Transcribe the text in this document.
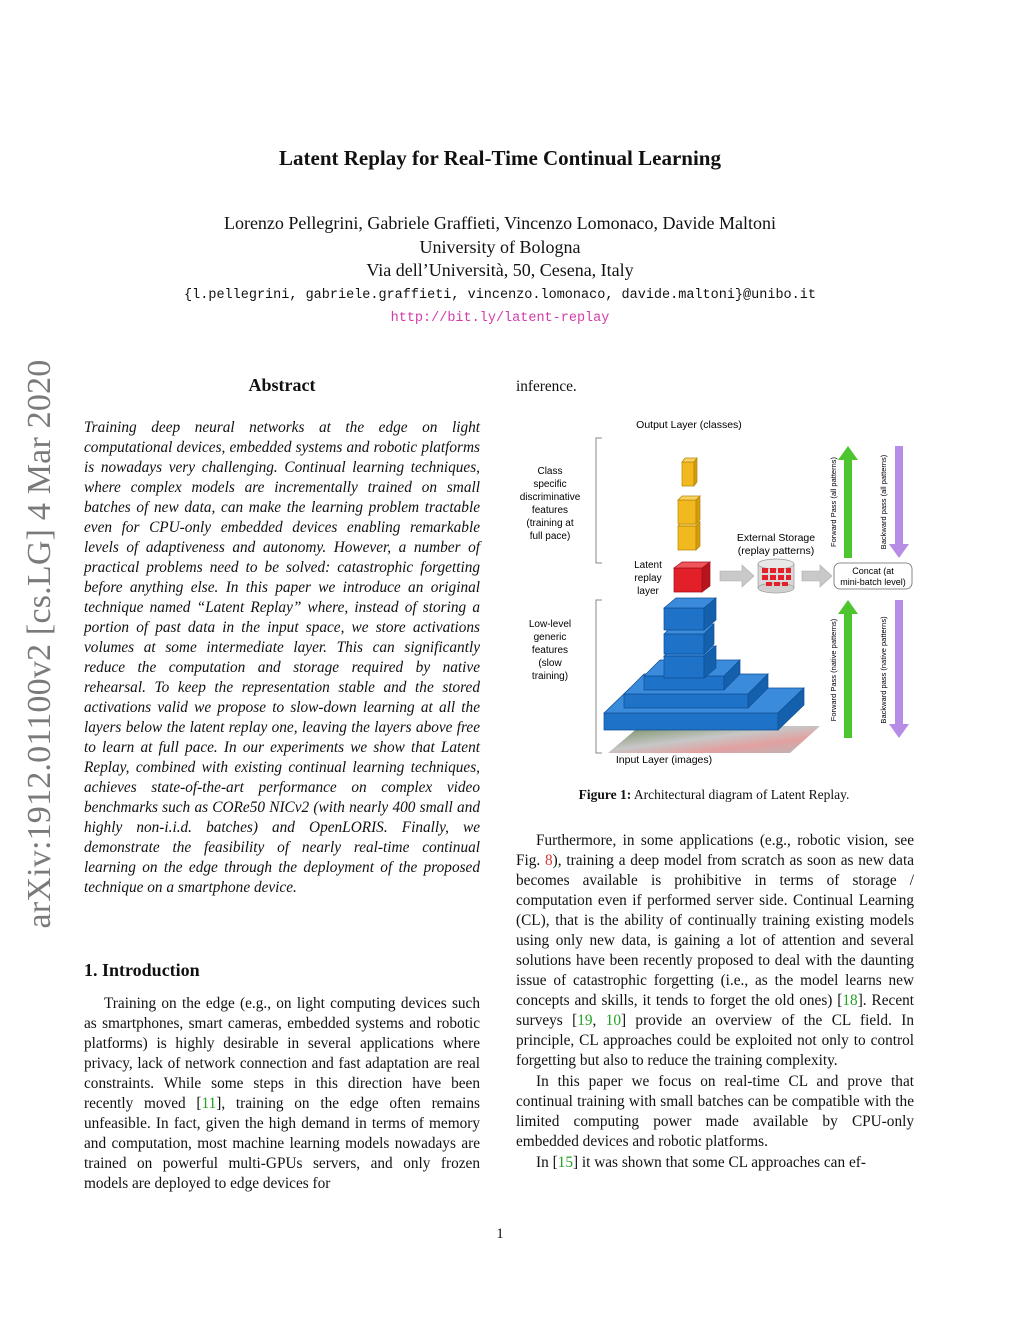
arXiv:1912.01100v2 [cs.LG] 4 Mar 2020
Latent Replay for Real-Time Continual Learning
Lorenzo Pellegrini, Gabriele Graffieti, Vincenzo Lomonaco, Davide Maltoni
University of Bologna
Via dell’Università, 50, Cesena, Italy
{l.pellegrini, gabriele.graffieti, vincenzo.lomonaco, davide.maltoni}@unibo.it
http://bit.ly/latent-replay
Abstract

Training deep neural networks at the edge on light computational devices, embedded systems and robotic platforms is nowadays very challenging. Continual learning techniques, where complex models are incrementally trained on small batches of new data, can make the learning problem tractable even for CPU-only embedded devices enabling remarkable levels of adaptiveness and autonomy. However, a number of practical problems need to be solved: catastrophic forgetting before anything else. In this paper we introduce an original technique named “Latent Replay” where, instead of storing a portion of past data in the input space, we store activations volumes at some intermediate layer. This can significantly reduce the computation and storage required by native rehearsal. To keep the representation stable and the stored activations valid we propose to slow-down learning at all the layers below the latent replay one, leaving the layers above free to learn at full pace. In our experiments we show that Latent Replay, combined with existing continual learning techniques, achieves state-of-the-art performance on complex video benchmarks such as CORe50 NICv2 (with nearly 400 small and highly non-i.i.d. batches) and OpenLORIS. Finally, we demonstrate the feasibility of nearly real-time continual learning on the edge through the deployment of the proposed technique on a smartphone device.

1. Introduction

Training on the edge (e.g., on light computing devices such as smartphones, smart cameras, embedded systems and robotic platforms) is highly desirable in several applications where privacy, lack of network connection and fast adaptation are real constraints. While some steps in this direction have been recently moved [11], training on the edge often remains unfeasible. In fact, given the high demand in terms of memory and computation, most machine learning models nowadays are trained on powerful multi-GPUs servers, and only frozen models are deployed to edge devices for

inference.
Output Layer (classes)
Class
specific
discriminative
features
(training at
full pace)
Low-level
generic
features
(slow
training)
Latent
replay
layer
External Storage
(replay patterns)
Concat (at
mini-batch level)
Forward Pass (all patterns)	Backward pass (all patterns)
Forward Pass (native patterns)	Backward pass (native patterns)
Input Layer (images)
Figure 1: Architectural diagram of Latent Replay.

Furthermore, in some applications (e.g., robotic vision, see Fig. 8), training a deep model from scratch as soon as new data becomes available is prohibitive in terms of storage / computation even if performed server side. Continual Learning (CL), that is the ability of continually training existing models using only new data, is gaining a lot of attention and several solutions have been recently proposed to deal with the daunting issue of catastrophic forgetting (i.e., as the model learns new concepts and skills, it tends to forget the old ones) [18]. Recent surveys [19, 10] provide an overview of the CL field. In principle, CL approaches could be exploited not only to control forgetting but also to reduce the training complexity.

In this paper we focus on real-time CL and prove that continual training with small batches can be compatible with the limited computing power made available by CPU-only embedded devices and robotic platforms.

In [15] it was shown that some CL approaches can ef-

1
